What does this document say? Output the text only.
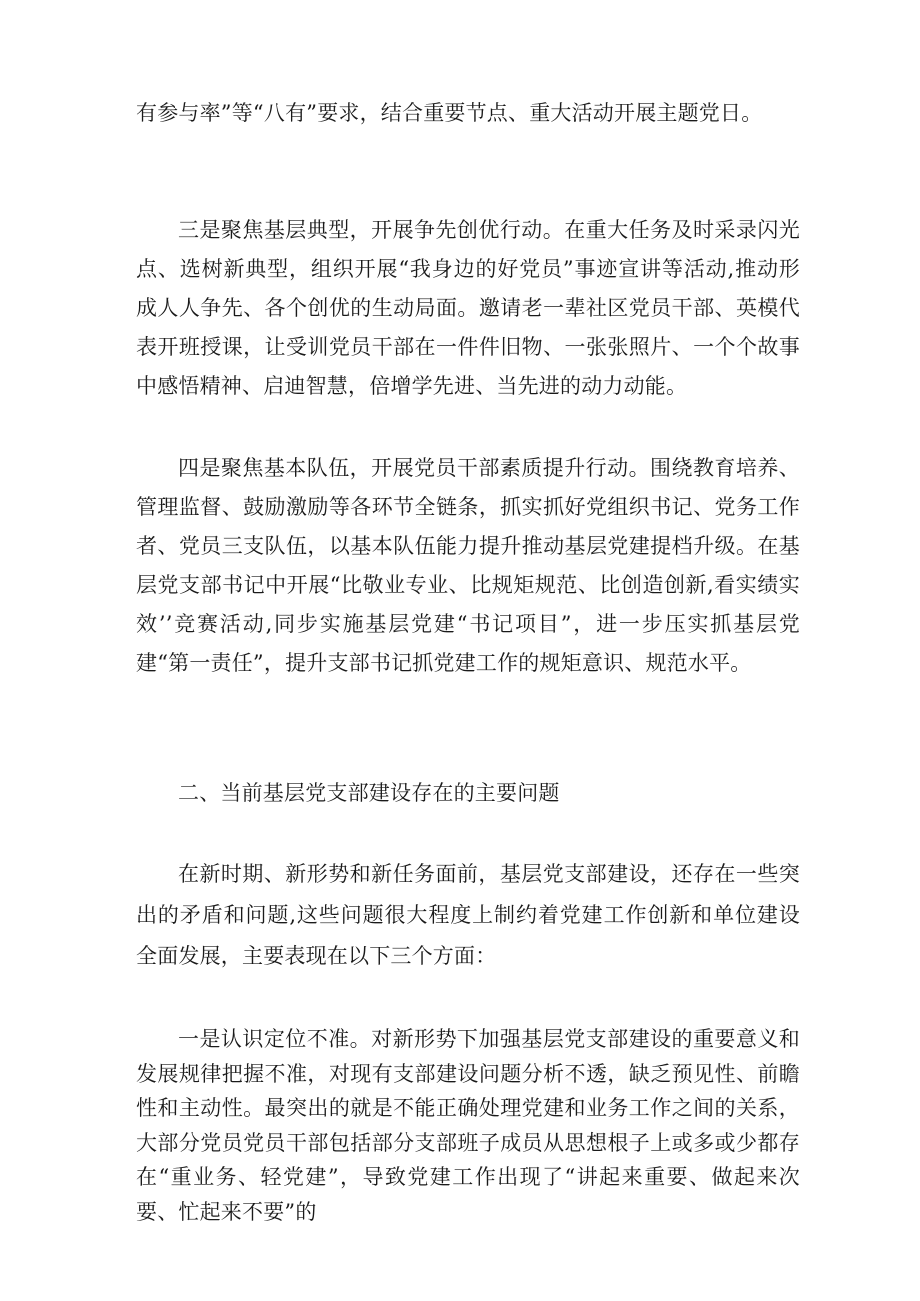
有参与率”等“八有”要求，结合重要节点、重大活动开展主题党日。

三是聚焦基层典型，开展争先创优行动。在重大任务及时采录闪光点、选树新典型，组织开展“我身边的好党员”事迹宣讲等活动,推动形成人人争先、各个创优的生动局面。邀请老一辈社区党员干部、英模代表开班授课，让受训党员干部在一件件旧物、一张张照片、一个个故事中感悟精神、启迪智慧，倍增学先进、当先进的动力动能。

四是聚焦基本队伍，开展党员干部素质提升行动。围绕教育培养、管理监督、鼓励激励等各环节全链条，抓实抓好党组织书记、党务工作者、党员三支队伍，以基本队伍能力提升推动基层党建提档升级。在基层党支部书记中开展“比敬业专业、比规矩规范、比创造创新,看实绩实效’’竞赛活动,同步实施基层党建“书记项目”，进一步压实抓基层党建“第一责任”，提升支部书记抓党建工作的规矩意识、规范水平。

二、当前基层党支部建设存在的主要问题

在新时期、新形势和新任务面前，基层党支部建设，还存在一些突出的矛盾和问题,这些问题很大程度上制约着党建工作创新和单位建设全面发展，主要表现在以下三个方面：

一是认识定位不准。对新形势下加强基层党支部建设的重要意义和发展规律把握不准，对现有支部建设问题分析不透，缺乏预见性、前瞻性和主动性。最突出的就是不能正确处理党建和业务工作之间的关系，大部分党员党员干部包括部分支部班子成员从思想根子上或多或少都存在“重业务、轻党建”，导致党建工作出现了“讲起来重要、做起来次要、忙起来不要”的
